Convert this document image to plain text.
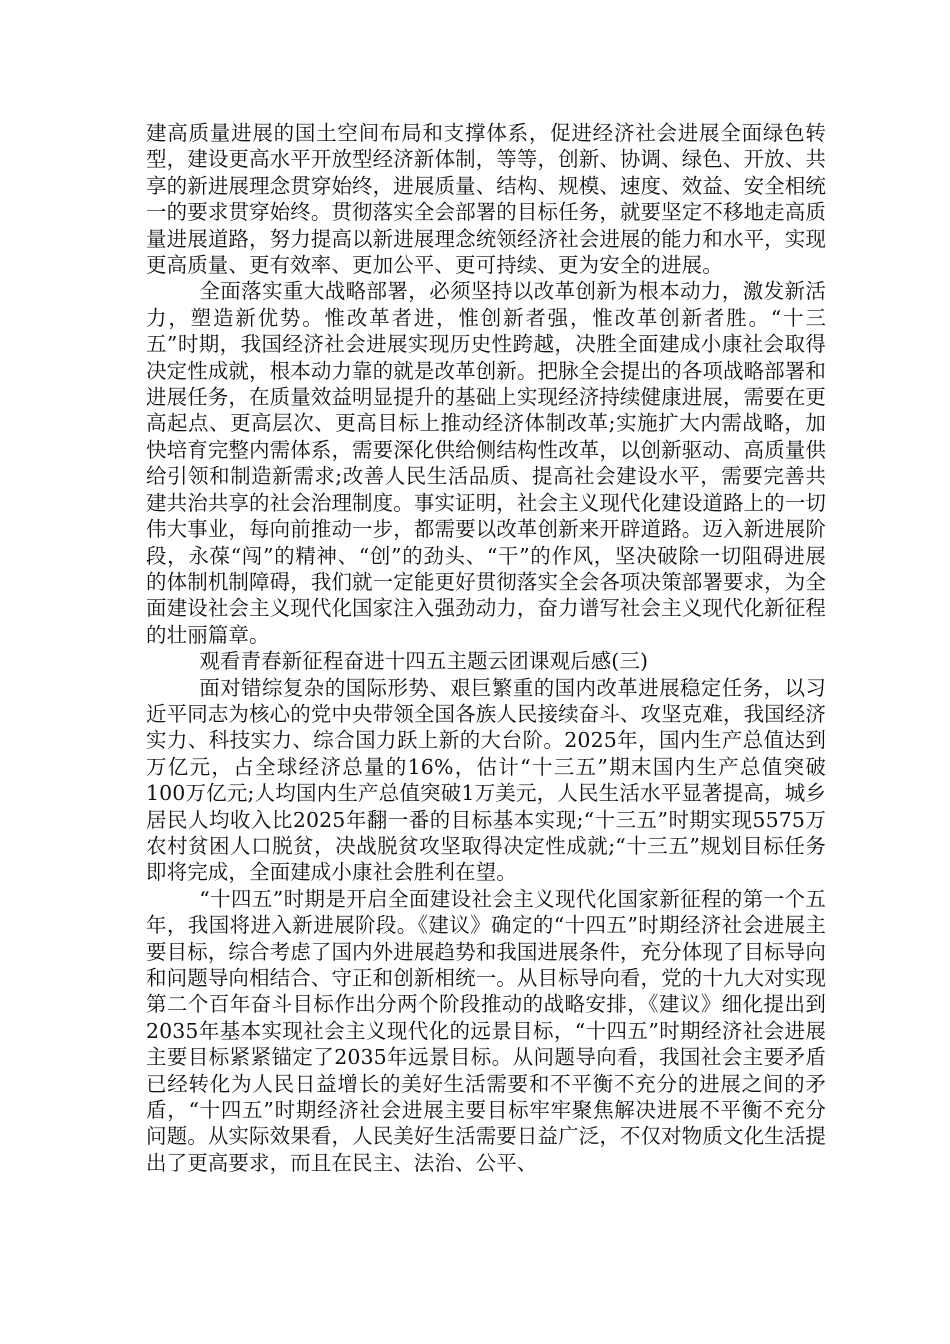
建高质量进展的国土空间布局和支撑体系，促进经济社会进展全面绿色转型，建设更高水平开放型经济新体制，等等，创新、协调、绿色、开放、共享的新进展理念贯穿始终，进展质量、结构、规模、速度、效益、安全相统一的要求贯穿始终。贯彻落实全会部署的目标任务，就要坚定不移地走高质量进展道路，努力提高以新进展理念统领经济社会进展的能力和水平，实现更高质量、更有效率、更加公平、更可持续、更为安全的进展。

全面落实重大战略部署，必须坚持以改革创新为根本动力，激发新活力，塑造新优势。惟改革者进，惟创新者强，惟改革创新者胜。“十三五”时期，我国经济社会进展实现历史性跨越，决胜全面建成小康社会取得决定性成就，根本动力靠的就是改革创新。把脉全会提出的各项战略部署和进展任务，在质量效益明显提升的基础上实现经济持续健康进展，需要在更高起点、更高层次、更高目标上推动经济体制改革;实施扩大内需战略，加快培育完整内需体系，需要深化供给侧结构性改革，以创新驱动、高质量供给引领和制造新需求;改善人民生活品质、提高社会建设水平，需要完善共建共治共享的社会治理制度。事实证明，社会主义现代化建设道路上的一切伟大事业，每向前推动一步，都需要以改革创新来开辟道路。迈入新进展阶段，永葆“闯”的精神、“创”的劲头、“干”的作风，坚决破除一切阻碍进展的体制机制障碍，我们就一定能更好贯彻落实全会各项决策部署要求，为全面建设社会主义现代化国家注入强劲动力，奋力谱写社会主义现代化新征程的壮丽篇章。

观看青春新征程奋进十四五主题云团课观后感(三)

面对错综复杂的国际形势、艰巨繁重的国内改革进展稳定任务，以习近平同志为核心的党中央带领全国各族人民接续奋斗、攻坚克难，我国经济实力、科技实力、综合国力跃上新的大台阶。2025年，国内生产总值达到万亿元，占全球经济总量的16%，估计“十三五”期末国内生产总值突破100万亿元;人均国内生产总值突破1万美元，人民生活水平显著提高，城乡居民人均收入比2025年翻一番的目标基本实现;“十三五”时期实现5575万农村贫困人口脱贫，决战脱贫攻坚取得决定性成就;“十三五”规划目标任务即将完成，全面建成小康社会胜利在望。

“十四五”时期是开启全面建设社会主义现代化国家新征程的第一个五年，我国将进入新进展阶段。《建议》确定的“十四五”时期经济社会进展主要目标，综合考虑了国内外进展趋势和我国进展条件，充分体现了目标导向和问题导向相结合、守正和创新相统一。从目标导向看，党的十九大对实现第二个百年奋斗目标作出分两个阶段推动的战略安排，《建议》细化提出到2035年基本实现社会主义现代化的远景目标，“十四五”时期经济社会进展主要目标紧紧锚定了2035年远景目标。从问题导向看，我国社会主要矛盾已经转化为人民日益增长的美好生活需要和不平衡不充分的进展之间的矛盾，“十四五”时期经济社会进展主要目标牢牢聚焦解决进展不平衡不充分问题。从实际效果看，人民美好生活需要日益广泛，不仅对物质文化生活提出了更高要求，而且在民主、法治、公平、
